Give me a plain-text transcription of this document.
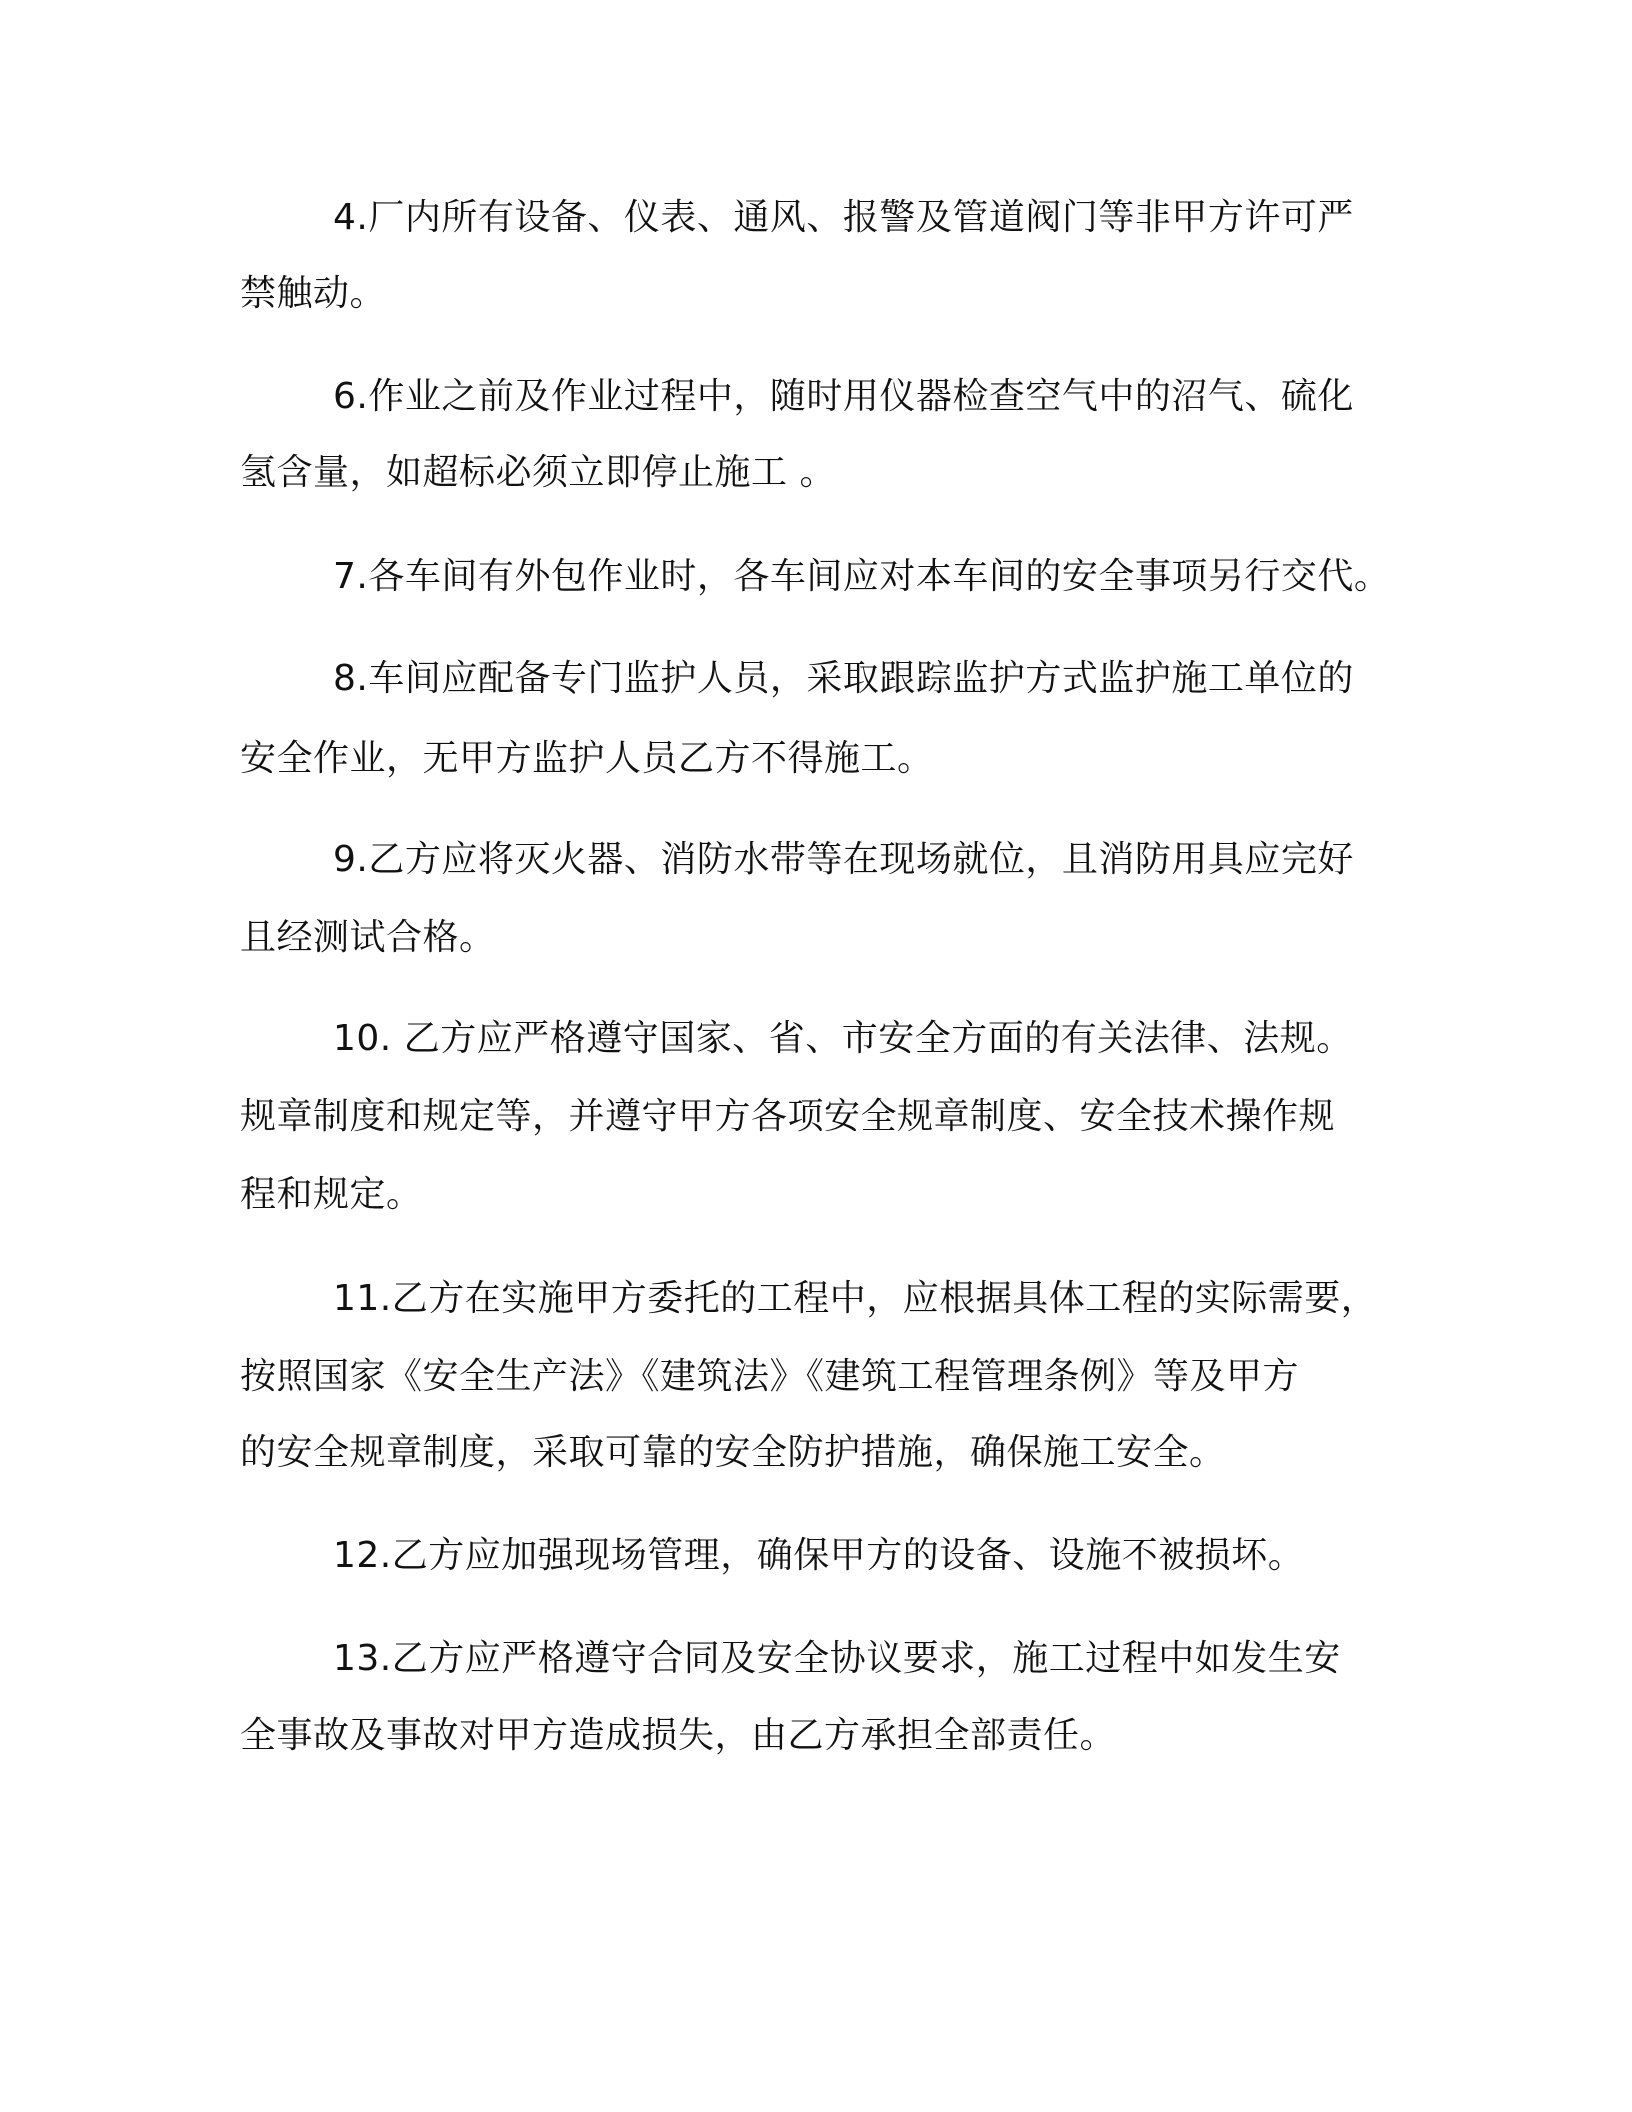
4.厂内所有设备、仪表、通风、报警及管道阀门等非甲方许可严
禁触动。
6.作业之前及作业过程中，随时用仪器检查空气中的沼气、硫化
氢含量，如超标必须立即停止施工 。
7.各车间有外包作业时，各车间应对本车间的安全事项另行交代。
8.车间应配备专门监护人员，采取跟踪监护方式监护施工单位的
安全作业，无甲方监护人员乙方不得施工。
9.乙方应将灭火器、消防水带等在现场就位，且消防用具应完好
且经测试合格。
10. 乙方应严格遵守国家、省、市安全方面的有关法律、法规。
规章制度和规定等，并遵守甲方各项安全规章制度、安全技术操作规
程和规定。
11.乙方在实施甲方委托的工程中，应根据具体工程的实际需要，
按照国家《安全生产法》《建筑法》《建筑工程管理条例》等及甲方
的安全规章制度，采取可靠的安全防护措施，确保施工安全。
12.乙方应加强现场管理，确保甲方的设备、设施不被损坏。
13.乙方应严格遵守合同及安全协议要求，施工过程中如发生安
全事故及事故对甲方造成损失，由乙方承担全部责任。
